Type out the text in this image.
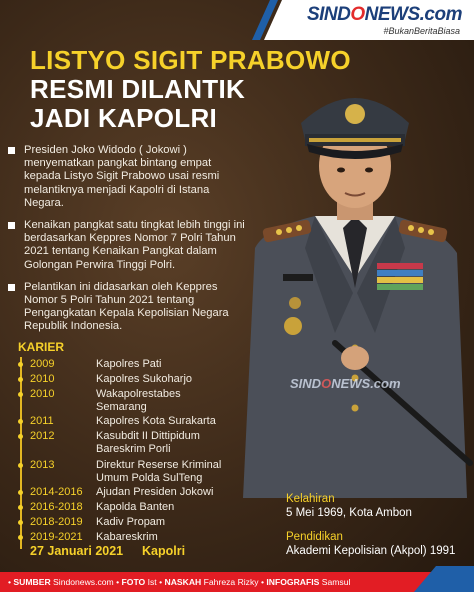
SINDONEWS.com
#BukanBeritaBiasa
LISTYO SIGIT PRABOWO
RESMI DILANTIK
JADI KAPOLRI
Presiden Joko Widodo ( Jokowi ) menyematkan pangkat bintang empat kepada Listyo Sigit Prabowo usai resmi melantiknya menjadi Kapolri di Istana Negara.
Kenaikan pangkat satu tingkat lebih tinggi ini berdasarkan Keppres Nomor 7 Polri Tahun 2021 tentang Kenaikan Pangkat dalam Golongan Perwira Tinggi Polri.
Pelantikan ini didasarkan oleh Keppres Nomor 5 Polri Tahun 2021 tentang Pengangkatan Kepala Kepolisian Negara Republik Indonesia.
SINDONEWS.com
KARIER
2009	Kapolres Pati
2010	Kapolres Sukoharjo
2010	Wakapolrestabes Semarang
2011	Kapolres Kota Surakarta
2012	Kasubdit II Dittipidum Bareskrim Porli
2013	Direktur Reserse Kriminal Umum Polda SulTeng
2014-2016	Ajudan Presiden Jokowi
2016-2018	Kapolda Banten
2018-2019	Kadiv Propam
2019-2021	Kabareskrim
27 Januari 2021 Kapolri
Kelahiran
5 Mei 1969, Kota Ambon
Pendidikan
Akademi Kepolisian (Akpol) 1991
• SUMBER Sindonews.com • FOTO Ist • NASKAH Fahreza Rizky • INFOGRAFIS Samsul
